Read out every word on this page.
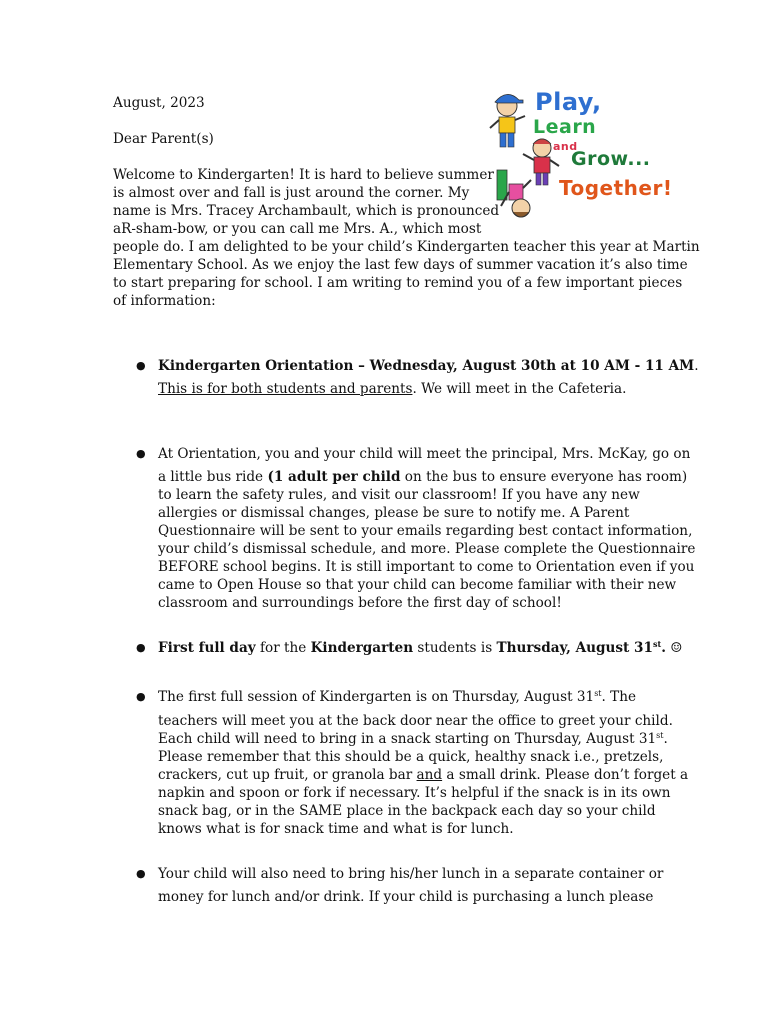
Play,
Learn
and
Grow...
Together!
August, 2023
Dear Parent(s)
Welcome to Kindergarten! It is hard to believe summer
is almost over and fall is just around the corner. My
name is Mrs. Tracey Archambault, which is pronounced
aR-sham-bow, or you can call me Mrs. A., which most
people do. I am delighted to be your child’s Kindergarten teacher this year at Martin
Elementary School. As we enjoy the last few days of summer vacation it’s also time
to start preparing for school. I am writing to remind you of a few important pieces
of information:
● Kindergarten Orientation – Wednesday, August 30th at 10 AM - 11 AM.
This is for both students and parents. We will meet in the Cafeteria.
● At Orientation, you and your child will meet the principal, Mrs. McKay, go on
a little bus ride (1 adult per child on the bus to ensure everyone has room)
to learn the safety rules, and visit our classroom! If you have any new
allergies or dismissal changes, please be sure to notify me. A Parent
Questionnaire will be sent to your emails regarding best contact information,
your child’s dismissal schedule, and more. Please complete the Questionnaire
BEFORE school begins. It is still important to come to Orientation even if you
came to Open House so that your child can become familiar with their new
classroom and surroundings before the first day of school!
● First full day for the Kindergarten students is Thursday, August 31st. ☺
● The first full session of Kindergarten is on Thursday, August 31st. The
teachers will meet you at the back door near the office to greet your child.
Each child will need to bring in a snack starting on Thursday, August 31st.
Please remember that this should be a quick, healthy snack i.e., pretzels,
crackers, cut up fruit, or granola bar and a small drink. Please don’t forget a
napkin and spoon or fork if necessary. It’s helpful if the snack is in its own
snack bag, or in the SAME place in the backpack each day so your child
knows what is for snack time and what is for lunch.
● Your child will also need to bring his/her lunch in a separate container or
money for lunch and/or drink. If your child is purchasing a lunch please
